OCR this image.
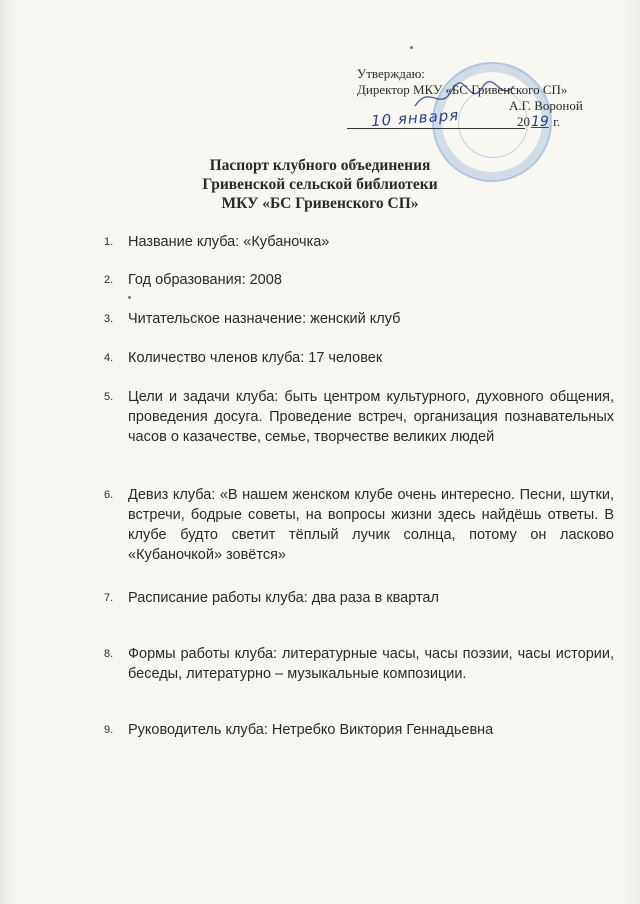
Утверждаю:
Директор МКУ «БС Гривенского СП»
А.Г. Вороной
10 января	2019 г.
Паспорт клубного объединения
Гривенской сельской библиотеки
МКУ «БС Гривенского СП»
1.	Название клуба: «Кубаночка»
2.	Год образования: 2008
3.	Читательское назначение: женский клуб
4.	Количество членов клуба: 17 человек
5.	Цели и задачи клуба: быть центром культурного, духовного общения, проведения досуга. Проведение встреч, организация познавательных часов о казачестве, семье, творчестве великих людей
6.	Девиз клуба: «В нашем женском клубе очень интересно. Песни, шутки, встречи, бодрые советы, на вопросы жизни здесь найдёшь ответы. В клубе будто светит тёплый лучик солнца, потому он ласково «Кубаночкой» зовётся»
7.	Расписание работы клуба: два раза в квартал
8.	Формы работы клуба: литературные часы, часы поэзии, часы истории, беседы, литературно – музыкальные композиции.
9.	Руководитель клуба: Нетребко Виктория Геннадьевна
